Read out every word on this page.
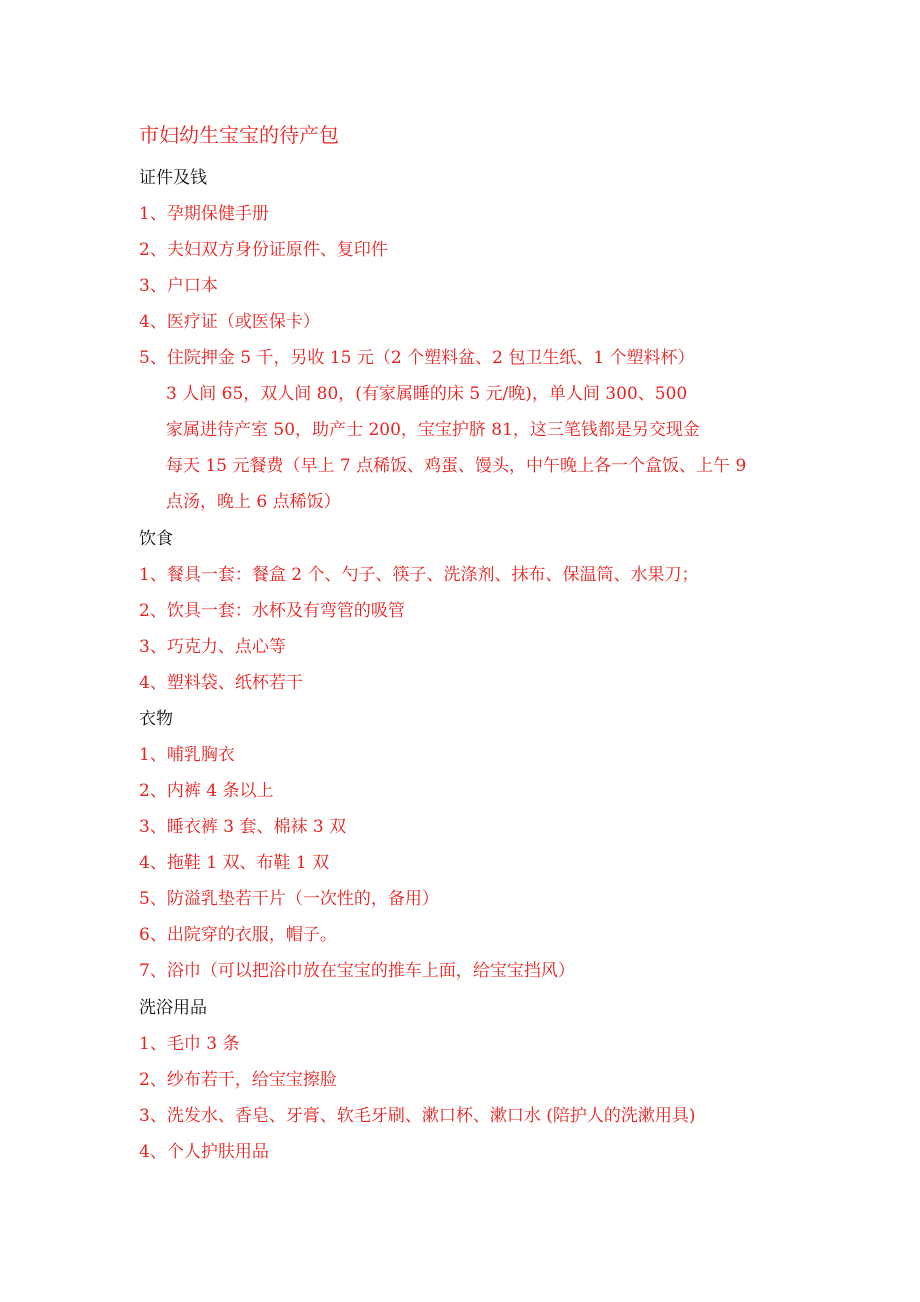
市妇幼生宝宝的待产包
证件及钱
1、孕期保健手册
2、夫妇双方身份证原件、复印件
3、户口本
4、医疗证（或医保卡）
5、住院押金 5 千，另收 15 元（2 个塑料盆、2 包卫生纸、1 个塑料杯）
3 人间 65，双人间 80，(有家属睡的床 5 元/晚)，单人间 300、500
家属进待产室 50，助产士 200，宝宝护脐 81，这三笔钱都是另交现金
每天 15 元餐费（早上 7 点稀饭、鸡蛋、馒头，中午晚上各一个盒饭、上午 9
点汤，晚上 6 点稀饭）
饮食
1、餐具一套：餐盒 2 个、勺子、筷子、洗涤剂、抹布、保温筒、水果刀；
2、饮具一套：水杯及有弯管的吸管
3、巧克力、点心等
4、塑料袋、纸杯若干
衣物
1、哺乳胸衣
2、内裤 4 条以上
3、睡衣裤 3 套、棉袜 3 双
4、拖鞋 1 双、布鞋 1 双
5、防溢乳垫若干片（一次性的，备用）
6、出院穿的衣服，帽子。
7、浴巾（可以把浴巾放在宝宝的推车上面，给宝宝挡风）
洗浴用品
1、毛巾 3 条
2、纱布若干，给宝宝擦脸
3、洗发水、香皂、牙膏、软毛牙刷、漱口杯、漱口水 (陪护人的洗漱用具)
4、个人护肤用品
